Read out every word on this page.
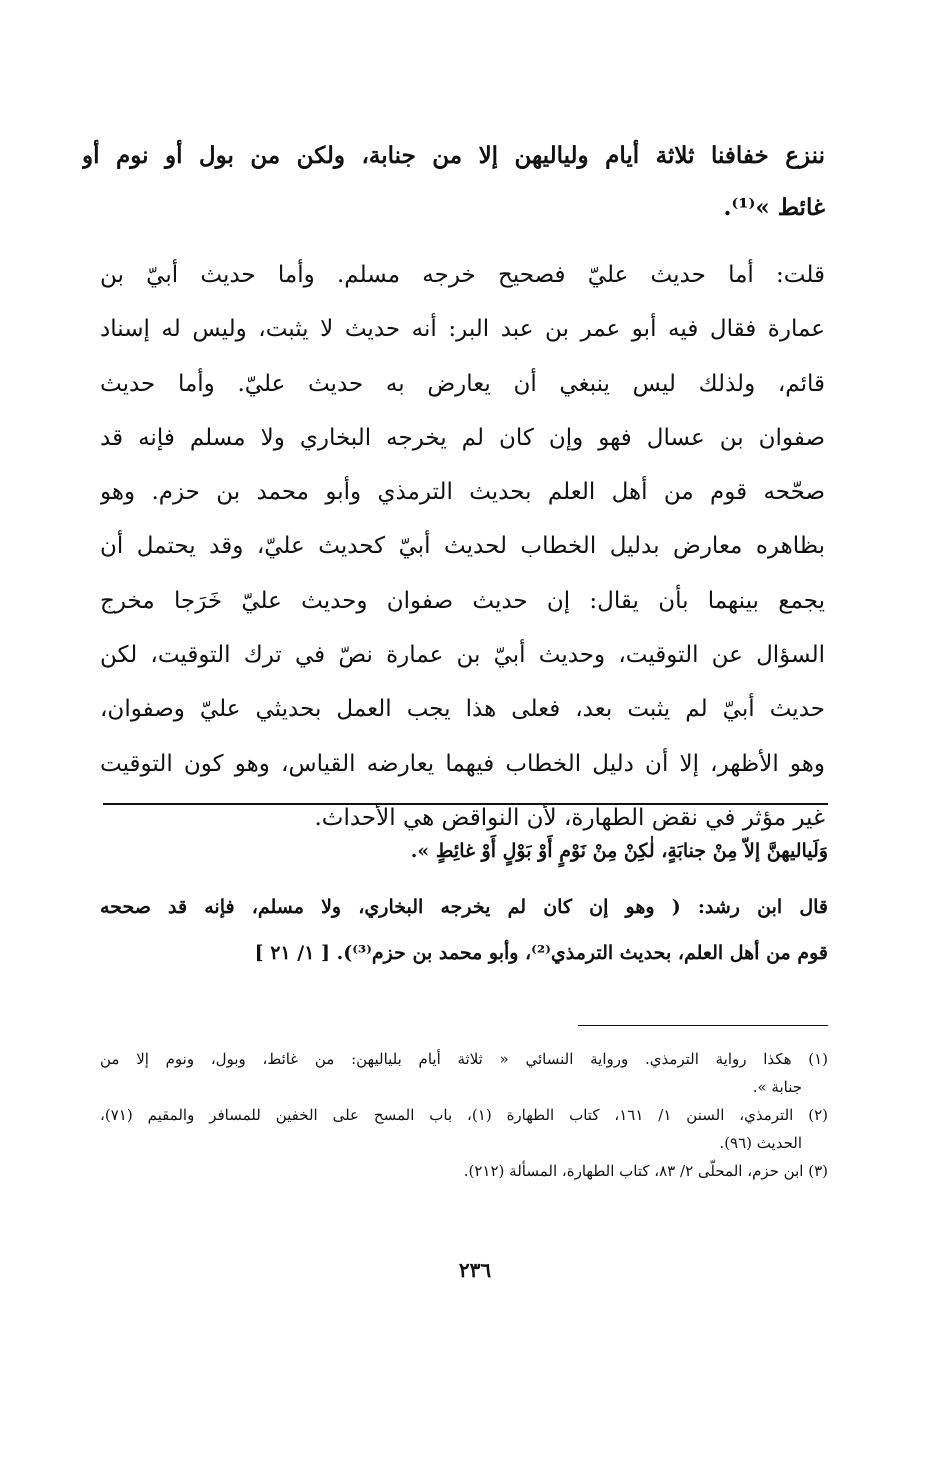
ننزع خفافنا ثلاثة أيام ولياليهن إلا من جنابة، ولكن من بول أو نوم أو
غائط »⁽¹⁾.
قلت: أما حديث عليّ فصحيح خرجه مسلم. وأما حديث أبيّ بن
عمارة فقال فيه أبو عمر بن عبد البر: أنه حديث لا يثبت، وليس له إسناد
قائم، ولذلك ليس ينبغي أن يعارض به حديث عليّ. وأما حديث
صفوان بن عسال فهو وإن كان لم يخرجه البخاري ولا مسلم فإنه قد
صحّحه قوم من أهل العلم بحديث الترمذي وأبو محمد بن حزم. وهو
بظاهره معارض بدليل الخطاب لحديث أبيّ كحديث عليّ، وقد يحتمل أن
يجمع بينهما بأن يقال: إن حديث صفوان وحديث عليّ خَرَجا مخرج
السؤال عن التوقيت، وحديث أبيّ بن عمارة نصّ في ترك التوقيت، لكن
حديث أبيّ لم يثبت بعد، فعلى هذا يجب العمل بحديثي عليّ وصفوان،
وهو الأظهر، إلا أن دليل الخطاب فيهما يعارضه القياس، وهو كون التوقيت
غير مؤثر في نقض الطهارة، لأن النواقض هي الأحداث.
وَلَياليهنَّ إلاّ مِنْ جنابَةٍ، لٰكِنْ مِنْ نَوْمٍ أَوْ بَوْلٍ أَوْ غائِطٍ ».
قال ابن رشد: ( وهو إن كان لم يخرجه البخاري، ولا مسلم، فإنه قد صححه
قوم من أهل العلم، بحديث الترمذي⁽²⁾، وأبو محمد بن حزم⁽³⁾). [ ١/ ٢١ ]
(١) هكذا رواية الترمذي. ورواية النسائي « ثلاثة أيام بلياليهن: من غائط، وبول، ونوم إلا من
جنابة ».
(٢) الترمذي، السنن ١/ ١٦١، كتاب الطهارة (١)، باب المسح على الخفين للمسافر والمقيم (٧١)،
الحديث (٩٦).
(٣) ابن حزم، المحلّى ٢/ ٨٣، كتاب الطهارة، المسألة (٢١٢).
٢٣٦
